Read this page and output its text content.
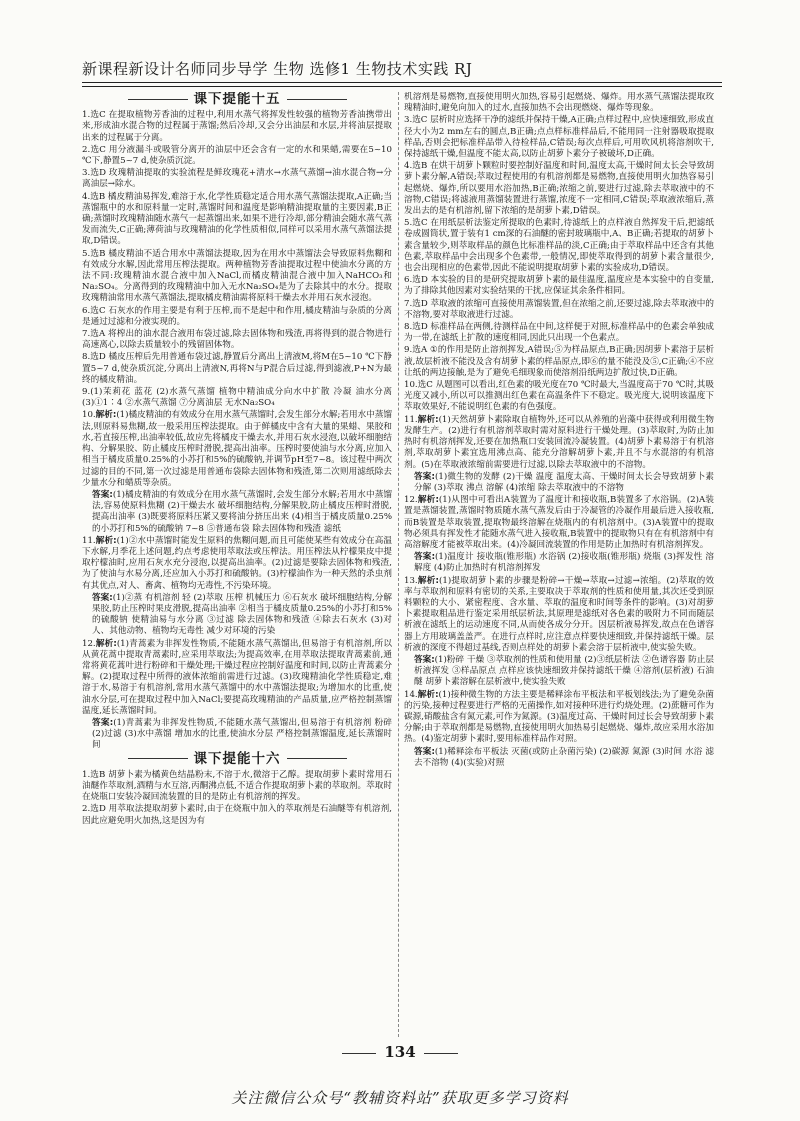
新课程新设计名师同步导学 生物 选修1 生物技术实践 RJ
课下提能十五
1.选C 在提取植物芳香油的过程中,利用水蒸气将挥发性较强的植物芳香油携带出来,形成油水混合物的过程属于蒸馏;然后冷却,又会分出油层和水层,并将油层提取出来的过程属于分离。
2.选C 用分液漏斗或吸管分离开的油层中还会含有一定的水和果蜡,需要在5~10 ℃下,静置5~7 d,使杂质沉淀。
3.选D 玫瑰精油提取的实验流程是鲜玫瑰花+清水→水蒸气蒸馏→油水混合物→分离油层→除水。
4.选B 橘皮精油易挥发,难溶于水,化学性质稳定适合用水蒸气蒸馏法提取,A正确;当蒸馏瓶中的水和原料量一定时,蒸馏时间和温度是影响精油提取量的主要因素,B正确;蒸馏时玫瑰精油随水蒸气一起蒸馏出来,如果不进行冷却,部分精油会随水蒸气蒸发而流失,C正确;薄荷油与玫瑰精油的化学性质相似,同样可以采用水蒸气蒸馏法提取,D错误。
5.选B 橘皮精油不适合用水中蒸馏法提取,因为在用水中蒸馏法会导致原料焦糊和有效成分水解,因此常用压榨法提取。两种植物芳香油提取过程中使油水分离的方法不同:玫瑰精油水混合液中加入NaCl,而橘皮精油混合液中加入NaHCO₃和Na₂SO₄。分离得到的玫瑰精油中加入无水Na₂SO₄是为了去除其中的水分。提取玫瑰精油常用水蒸气蒸馏法,提取橘皮精油需将原料干燥去水并用石灰水浸泡。
6.选C 石灰水的作用主要是有利于压榨,而不是起中和作用,橘皮精油与杂质的分离是通过过滤和分液实现的。
7.选A 将榨出的油水混合液用布袋过滤,除去固体物和残渣,再将得到的混合物进行高速离心,以除去质量较小的残留固体物。
8.选D 橘皮压榨后先用普通布袋过滤,静置后分离出上清液M,将M在5~10 ℃下静置5~7 d,使杂质沉淀,分离出上清液N,再将N与P混合后过滤,得到滤液,P+N为最终的橘皮精油。
9.(1)茉莉花 蓝花 (2)水蒸气蒸馏 植物中精油成分向水中扩散 冷凝 油水分离 (3)①1∶4 ②水蒸气蒸馏 ⑦分离油层 无水Na₂SO₄
10.解析:(1)橘皮精油的有效成分在用水蒸气蒸馏时,会发生部分水解;若用水中蒸馏法,则原料易焦糊,故一般采用压榨法提取。由于鲜橘皮中含有大量的果蜡、果胶和水,若直接压榨,出油率较低,故应先将橘皮干燥去水,并用石灰水浸泡,以破坏细胞结构、分解果胶、防止橘皮压榨时滑脱,提高出油率。压榨时要使油与水分离,应加入相当于橘皮质量0.25%的小苏打和5%的硫酸钠,并调节pH至7~8。该过程中两次过滤的目的不同,第一次过滤是用普通布袋除去固体物和残渣,第二次则用滤纸除去少量水分和蜡质等杂质。
答案:(1)橘皮精油的有效成分在用水蒸气蒸馏时,会发生部分水解;若用水中蒸馏法,容易使原料焦糊 (2)干燥去水 破坏细胞结构,分解果胶,防止橘皮压榨时滑脱,提高出油率 (3)既要将原料压紧又要将油分挤压出来 (4)相当于橘皮质量0.25%的小苏打和5%的硫酸钠 7~8 ⑤普通布袋 除去固体物和残渣 滤纸
11.解析:(1)②水中蒸馏时能发生原料的焦糊问题,而且可能使某些有效成分在高温下水解,月季花上述问题,约点考虑使用萃取法或压榨法。用压榨法从柠檬果皮中提取柠檬油时,应用石灰水充分浸泡,以提高出油率。(2)过滤是要除去固体物和残渣,为了使油与水易分离,还应加入小苏打和硫酸钠。(3)柠檬油作为一种天然的杀虫剂有其优点,对人、畜禽、植物均无毒性,不污染环境。
答案:(1)②蒸 有机溶剂 轻 (2)萃取 压榨 机械压力 ⑥石灰水 破坏细胞结构,分解果胶,防止压榨时果皮滑脱,提高出油率 ②相当于橘皮质量0.25%的小苏打和5%的硫酸钠 使精油易与水分离 ③过滤 除去固体物和残渣 ④除去石灰水 (3)对人、其他动物、植物均无毒性 减少对环境的污染
12.解析:(1)青蒿素为非挥发性物质,不能随水蒸气蒸馏出,但易溶于有机溶剂,所以从黄花蒿中提取青蒿素时,应采用萃取法;为提高效率,在用萃取法提取青蒿素前,通常将黄花蒿叶进行粉碎和干燥处理;干燥过程应控制好温度和时间,以防止青蒿素分解。(2)提取过程中所得的液体浓缩前需进行过滤。(3)玫瑰精油化学性质稳定,难溶于水,易溶于有机溶剂,常用水蒸气蒸馏中的水中蒸馏法提取;为增加水的比重,使油水分层,可在提取过程中加入NaCl;要提高玫瑰精油的产品质量,应严格控制蒸馏温度,延长蒸馏时间。
答案:(1)青蒿素为非挥发性物质,不能随水蒸气蒸馏出,但易溶于有机溶剂 粉碎 (2)过滤 (3)水中蒸馏 增加水的比重,使油水分层 严格控制蒸馏温度,延长蒸馏时间
课下提能十六
1.选B 胡萝卜素为橘黄色结晶粉末,不溶于水,微溶于乙醇。提取胡萝卜素时常用石油醚作萃取剂,酒精与水互溶,丙酮沸点低,不适合作提取胡萝卜素的萃取剂。萃取时在烧瓶口安装冷凝回流装置的目的是防止有机溶剂的挥发。
2.选D 用萃取法提取胡萝卜素时,由于在烧瓶中加入的萃取剂是石油醚等有机溶剂,因此应避免明火加热,这是因为有
机溶剂是易燃物,直接使用明火加热,容易引起燃烧、爆炸。用水蒸气蒸馏法提取玫瑰精油时,避免向加入的过水,直接加热不会出现燃烧、爆炸等现象。
3.选C 层析时应选择干净的滤纸并保持干燥,A正确;点样过程中,应快速细致,形成直径大小为2 mm左右的圆点,B正确;点点样标准样品后,不能用同一注射器吸取提取样品,否则会把标准样品带入待检样品,C错误;每次点样后,可用吹风机将溶剂吹干,保持滤纸干燥,但温度不能太高,以防止胡萝卜素分子被破坏,D正确。
4.选B 在烘干胡萝卜颗粒时要控制好温度和时间,温度太高,干燥时间太长会导致胡萝卜素分解,A错误;萃取过程使用的有机溶剂都是易燃物,直接使用明火加热容易引起燃烧、爆炸,所以要用水浴加热,B正确;浓缩之前,要进行过滤,除去萃取液中的不溶物,C错误;将滤液用蒸馏装置进行蒸馏,浓度不一定相同,C错误;萃取液浓缩后,蒸发出去的是有机溶剂,留下浓缩的是胡萝卜素,D错误。
5.选C 在用纸层析法鉴定所提取的色素时,待滤纸上的点样液自然挥发干后,把滤纸卷成圆筒状,置于装有1 cm深的石油醚的密封玻璃瓶中,A、B正确;若提取的胡萝卜素含量较少,则萃取样品的颜色比标准样品的淡,C正确;由于萃取样品中还含有其他色素,萃取样品中会出现多个色素带,一般情况,即使萃取得到的胡萝卜素含量很少,也会出现相应的色素带,因此不能说明提取胡萝卜素的实验成功,D错误。
6.选D 本实验的目的是研究提取胡萝卜素的最佳温度,温度应是本实验中的自变量,为了排除其他因素对实验结果的干扰,应保证其余条件相同。
7.选D 萃取液的浓缩可直接使用蒸馏装置,但在浓缩之前,还要过滤,除去萃取液中的不溶物,要对萃取液进行过滤。
8.选D 标准样品在两侧,待测样品在中间,这样便于对照,标准样品中的色素会单独成为一带,在滤纸上扩散的速度相同,因此只出现一个色素点。
9.选A ①的作用是防止溶剂挥发,A错误;⑤为样品原点,B正确;因胡萝卜素溶于层析液,故层析液不能没及含有胡萝卜素的样品原点,即⑥的量不能没及⑤,C正确;④不应让纸的两边接触,是为了避免毛细现象而使溶剂沿纸两边扩散过快,D正确。
10.选C 从题图可以看出,红色素的吸光度在70 ℃时最大,当温度高于70 ℃时,其吸光度又减小,所以可以推测出红色素在高温条件下不稳定。吸光度大,说明该温度下萃取效果好,不能说明红色素的有色强度。
11.解析:(1)天然胡萝卜素除取自植物外,还可以从养殖的岩藻中获得或利用微生物发酵生产。(2)进行有机溶剂萃取时需对原料进行干燥处理。(3)萃取时,为防止加热时有机溶剂挥发,还要在加热瓶口安装回流冷凝装置。(4)胡萝卜素易溶于有机溶剂,萃取胡萝卜素宜选用沸点高、能充分溶解胡萝卜素,并且不与水混溶的有机溶剂。(5)在萃取液浓缩前需要进行过滤,以除去萃取液中的不溶物。
答案:(1)微生物的发酵 (2)干燥 温度 温度太高、干燥时间太长会导致胡萝卜素分解 (3)萃取 沸点 溶解 (4)浓缩 除去萃取液中的不溶物
12.解析:(1)从图中可看出A装置为了温度计和接收瓶,B装置多了水浴锅。(2)A装置是蒸馏装置,蒸馏时物质随水蒸气蒸发后由于冷凝管的冷凝作用最后进入接收瓶,而B装置是萃取装置,提取物最终溶解在烧瓶内的有机溶剂中。(3)A装置中的提取物必须具有挥发性才能随水蒸气进入接收瓶,B装置中的提取物只有在有机溶剂中有高溶解度才能被萃取出来。(4)冷凝回流装置的作用是防止加热时有机溶剂挥发。
答案:(1)温度计 接收瓶(锥形瓶) 水浴锅 (2)接收瓶(锥形瓶) 烧瓶 (3)挥发性 溶解度 (4)防止加热时有机溶剂挥发
13.解析:(1)提取胡萝卜素的步骤是粉碎→干燥→萃取→过滤→浓缩。(2)萃取的效率与萃取剂和原料有密切的关系,主要取决于萃取剂的性质和使用量,其次还受到原料颗粒的大小、紧密程度、含水量、萃取的温度和时间等条件的影响。(3)对胡萝卜素提取粗品进行鉴定采用纸层析法,其原理是滤纸对各色素的吸附力不同而随层析液在滤纸上的运动速度不同,从而使各成分分开。因层析液易挥发,故点在色谱容器上方用玻璃盖盖严。在进行点样时,应注意点样要快速细致,并保持滤纸干燥。层析液的深度不得超过基线,否则点样处的胡萝卜素会溶于层析液中,使实验失败。
答案:(1)粉碎 干燥 ③萃取剂的性质和使用量 (2)③纸层析法 ②色谱容器 防止层析液挥发 ③样品原点 点样应该快速细致并保持滤纸干燥 ④溶剂(层析液) 石油醚 胡萝卜素溶解在层析液中,使实验失败
14.解析:(1)接种微生物的方法主要是稀释涂布平板法和平板划线法;为了避免杂菌的污染,接种过程要进行严格的无菌操作,如对接种环进行灼烧处理。(2)蔗糖可作为碳源,硝酸盐含有氮元素,可作为氮源。(3)温度过高、干燥时间过长会导致胡萝卜素分解;由于萃取剂都是易燃物,直接使用明火加热易引起燃烧、爆炸,故应采用水浴加热。(4)鉴定胡萝卜素时,要用标准样品作对照。
答案:(1)稀释涂布平板法 灭菌(或防止杂菌污染) (2)碳源 氮源 (3)时间 水浴 滤去不溶物 (4)(实验)对照
134
关注微信公众号“教辅资料站”获取更多学习资料
